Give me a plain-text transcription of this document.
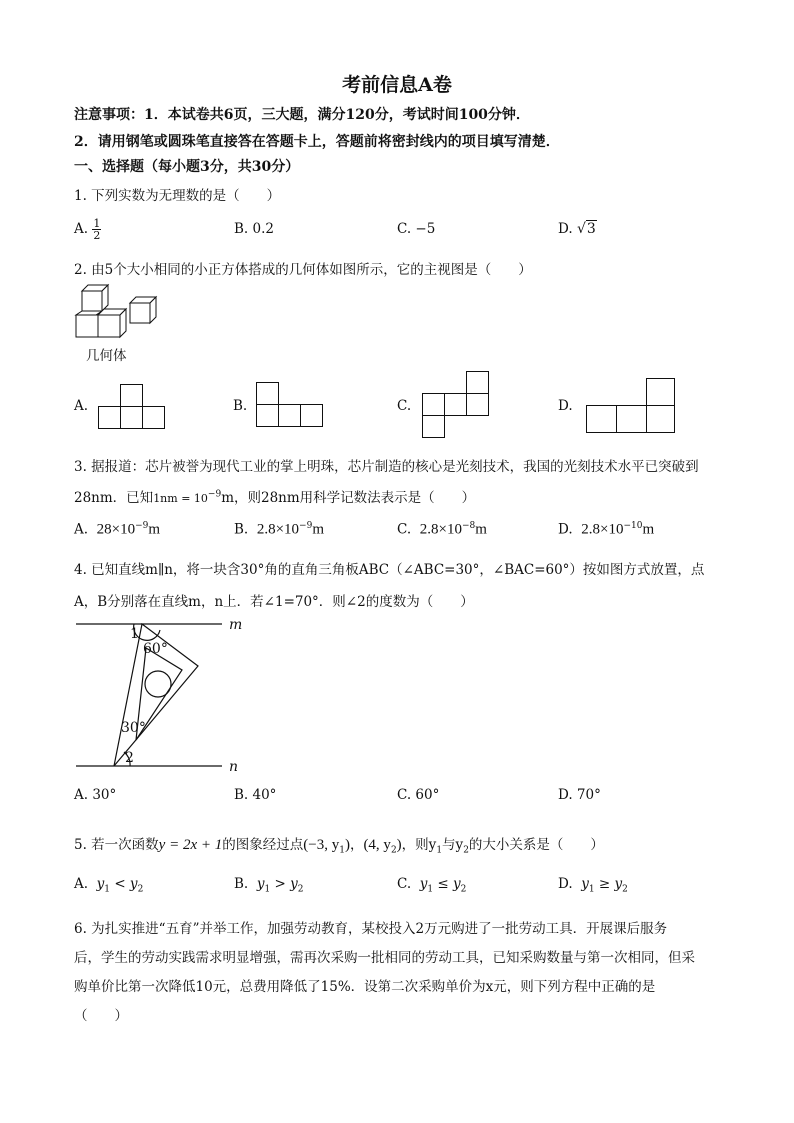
考前信息A卷
注意事项：1．本试卷共6页，三大题，满分120分，考试时间100分钟．
2．请用钢笔或圆珠笔直接答在答题卡上，答题前将密封线内的项目填写清楚．
一、选择题（每小题3分，共30分）
1. 下列实数为无理数的是（　　）
A. $\frac{1}{2}$	B. 0.2	C. −5	D. √3
2. 由5个大小相同的小正方体搭成的几何体如图所示，它的主视图是（　　）
几何体
A.	B.	C.	D.
3. 据报道：芯片被誉为现代工业的掌上明珠，芯片制造的核心是光刻技术，我国的光刻技术水平已突破到
28nm．已知$1nm = 10^{-9}m$，则28nm用科学记数法表示是（　　）
A. $28\times 10^{-9}m$	B. $2.8\times 10^{-9}m$	C. $2.8\times 10^{-8}m$	D. $2.8\times 10^{-10}m$
4. 已知直线m∥n，将一块含30°角的直角三角板ABC（∠ABC=30°，∠BAC=60°）按如图方式放置，点
A，B分别落在直线m，n上．若∠1=70°．则∠2的度数为（　　）
m
n
1
60°
30°
2
A. 30°	B. 40°	C. 60°	D. 70°
5. 若一次函数y = 2x + 1的图象经过点(−3, $y_1$)，(4, $y_2$)，则$y_1$与$y_2$的大小关系是（　　）
A. $y_1 < y_2$	B. $y_1 > y_2$	C. $y_1 \le y_2$	D. $y_1 \ge y_2$
6. 为扎实推进“五育”并举工作，加强劳动教育，某校投入2万元购进了一批劳动工具．开展课后服务
后，学生的劳动实践需求明显增强，需再次采购一批相同的劳动工具，已知采购数量与第一次相同，但采
购单价比第一次降低10元，总费用降低了15%．设第二次采购单价为x元，则下列方程中正确的是
（　　）
